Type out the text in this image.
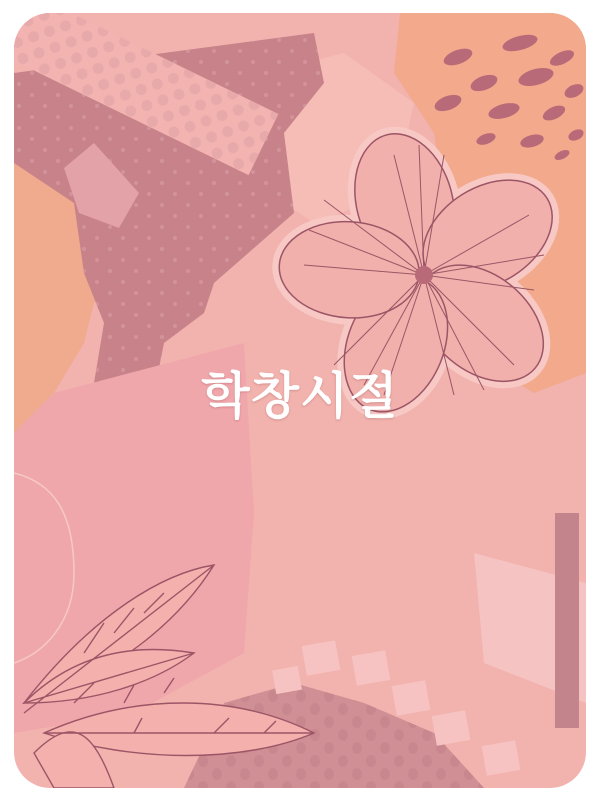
학창시절
